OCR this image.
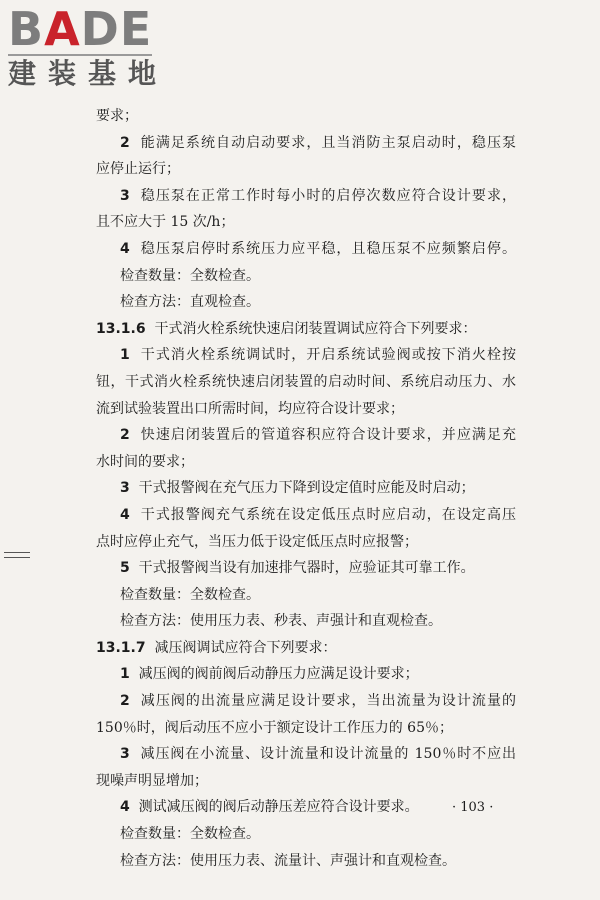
BADE
建装基地
要求；
2 能满足系统自动启动要求，且当消防主泵启动时，稳压泵
应停止运行；
3 稳压泵在正常工作时每小时的启停次数应符合设计要求，
且不应大于 15 次/h；
4 稳压泵启停时系统压力应平稳，且稳压泵不应频繁启停。
检查数量：全数检查。
检查方法：直观检查。
13.1.6 干式消火栓系统快速启闭装置调试应符合下列要求：
1 干式消火栓系统调试时，开启系统试验阀或按下消火栓按
钮，干式消火栓系统快速启闭装置的启动时间、系统启动压力、水
流到试验装置出口所需时间，均应符合设计要求；
2 快速启闭装置后的管道容积应符合设计要求，并应满足充
水时间的要求；
3 干式报警阀在充气压力下降到设定值时应能及时启动；
4 干式报警阀充气系统在设定低压点时应启动，在设定高压
点时应停止充气，当压力低于设定低压点时应报警；
5 干式报警阀当设有加速排气器时，应验证其可靠工作。
检查数量：全数检查。
检查方法：使用压力表、秒表、声强计和直观检查。
13.1.7 减压阀调试应符合下列要求：
1 减压阀的阀前阀后动静压力应满足设计要求；
2 减压阀的出流量应满足设计要求，当出流量为设计流量的
150％时，阀后动压不应小于额定设计工作压力的 65％；
3 减压阀在小流量、设计流量和设计流量的 150％时不应出
现噪声明显增加；
4 测试减压阀的阀后动静压差应符合设计要求。
检查数量：全数检查。
检查方法：使用压力表、流量计、声强计和直观检查。
· 103 ·
